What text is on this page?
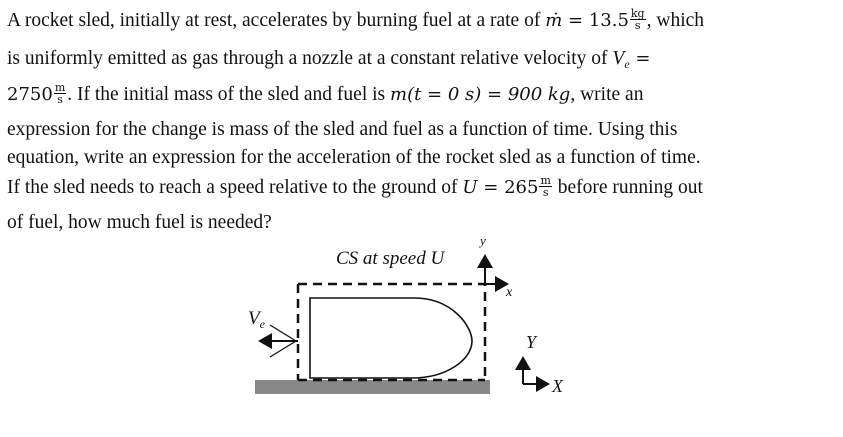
A rocket sled, initially at rest, accelerates by burning fuel at a rate of ṁ = $13.5 \frac{kg}{s}$ , which
is uniformly emitted as gas through a nozzle at a constant relative velocity of $V_e$ =
$2750 \frac{m}{s}$ . If the initial mass of the sled and fuel is m(t = 0 s) = 900 kg, write an
expression for the change is mass of the sled and fuel as a function of time. Using this
equation, write an expression for the acceleration of the rocket sled as a function of time.
If the sled needs to reach a speed relative to the ground of $U = 265 \frac{m}{s}$ before running out
of fuel, how much fuel is needed?
$V_e$
CS at speed U
y
x
Y
X
